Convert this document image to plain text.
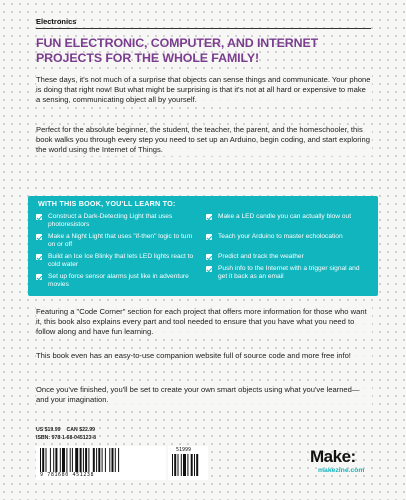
Electronics
FUN ELECTRONIC, COMPUTER, AND INTERNET PROJECTS FOR THE WHOLE FAMILY!

These days, it's not much of a surprise that objects can sense things and communicate. Your phone is doing that right now! But what might be surprising is that it's not at all hard or expensive to make a sensing, communicating object all by yourself.

Perfect for the absolute beginner, the student, the teacher, the parent, and the homeschooler, this book walks you through every step you need to set up an Arduino, begin coding, and start exploring the world using the Internet of Things.

WITH THIS BOOK, YOU'LL LEARN TO:
Construct a Dark-Detecting Light that uses photoresistors
Make a Night Light that uses "if-then" logic to turn on or off
Build an Ice Ice Blinky that lets LED lights react to cold water
Set up force sensor alarms just like in adventure movies
Make a LED candle you can actually blow out
Teach your Arduino to master echolocation
Predict and track the weather
Push info to the Internet with a trigger signal and get it back as an email

Featuring a "Code Corner" section for each project that offers more information for those who want it, this book also explains every part and tool needed to ensure that you have what you need to follow along and have fun learning.

This book even has an easy-to-use companion website full of source code and more free info!

Once you've finished, you'll be set to create your own smart objects using what you've learned—and your imagination.

US $19.99 CAN $22.99
ISBN: 978-1-68-045123-8
9 781680 451238
51999	Make:
makezine.com
